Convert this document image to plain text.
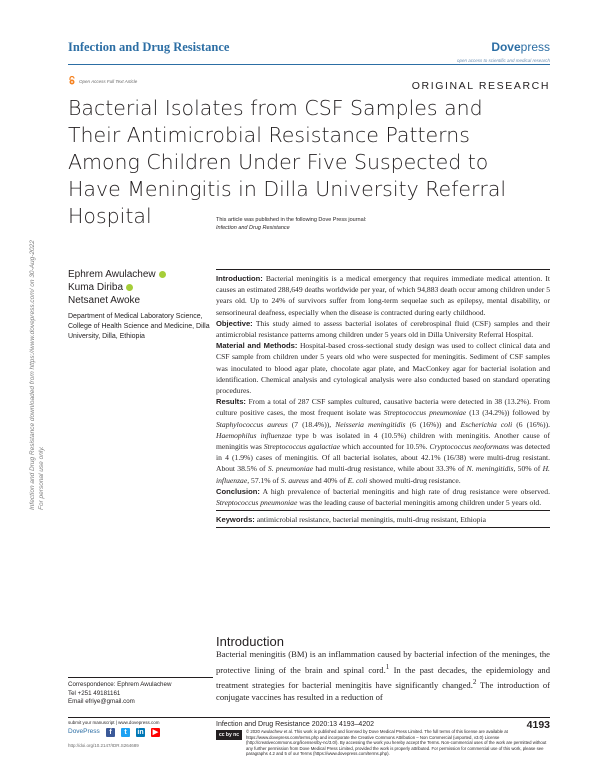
Infection and Drug Resistance	Dovepress
open access to scientific and medical research
Open Access Full Text Article	ORIGINAL RESEARCH
Bacterial Isolates from CSF Samples and Their Antimicrobial Resistance Patterns Among Children Under Five Suspected to Have Meningitis in Dilla University Referral Hospital	This article was published in the following Dove Press journal:
Infection and Drug Resistance
Infection and Drug Resistance downloaded from https://www.dovepress.com/ on 30-Aug-2022 For personal use only.
Ephrem Awulachew
Kuma Diriba
Netsanet Awoke
Department of Medical Laboratory Science, College of Health Science and Medicine, Dilla University, Dilla, Ethiopia

Introduction: Bacterial meningitis is a medical emergency that requires immediate medical attention. It causes an estimated 288,649 deaths worldwide per year, of which 94,883 death occur among children under 5 years old. Up to 24% of survivors suffer from long-term sequelae such as epilepsy, mental disability, or sensorineural deafness, especially when the disease is contracted during early childhood.

Objective: This study aimed to assess bacterial isolates of cerebrospinal fluid (CSF) samples and their antimicrobial resistance patterns among children under 5 years old in Dilla University Referral Hospital.

Material and Methods: Hospital-based cross-sectional study design was used to collect clinical data and CSF sample from children under 5 years old who were suspected for meningitis. Sediment of CSF samples was inoculated to blood agar plate, chocolate agar plate, and MacConkey agar for bacterial isolation and identification. Chemical analysis and cytological analysis were also conducted based on standard operating procedures.

Results: From a total of 287 CSF samples cultured, causative bacteria were detected in 38 (13.2%). From culture positive cases, the most frequent isolate was Streptococcus pneumoniae (13 (34.2%)) followed by Staphylococcus aureus (7 (18.4%)), Neisseria meningitidis (6 (16%)) and Escherichia coli (6 (16%)). Haemophilus influenzae type b was isolated in 4 (10.5%) children with meningitis. Another cause of meningitis was Streptococcus agalactiae which accounted for 10.5%. Cryptococcus neoformans was detected in 4 (1.9%) cases of meningitis. Of all bacterial isolates, about 42.1% (16/38) were multi-drug resistant. About 38.5% of S. pneumoniae had multi-drug resistance, while about 33.3% of N. meningitidis, 50% of H. influenzae, 57.1% of S. aureus and 40% of E. coli showed multi-drug resistance.

Conclusion: A high prevalence of bacterial meningitis and high rate of drug resistance were observed. Streptococcus pneumoniae was the leading cause of bacterial meningitis among children under 5 years old.

Keywords: antimicrobial resistance, bacterial meningitis, multi-drug resistant, Ethiopia

Introduction

Bacterial meningitis (BM) is an inflammation caused by bacterial infection of the meninges, the protective lining of the brain and spinal cord.$^1$ In the past decades, the epidemiology and treatment strategies for bacterial meningitis have significantly changed.$^2$ The introduction of conjugate vaccines has resulted in a reduction of

Correspondence: Ephrem Awulachew
Tel +251 49181161
Email efriye@gmail.com
submit your manuscript | www.dovepress.com
DovePress	f	t	in ▶
http://doi.org/10.2147/IDR.S264689
Infection and Drug Resistance 2020:13 4193–4202	4193
cc by nc
© 2020 Awulachew et al. This work is published and licensed by Dove Medical Press Limited. The full terms of this license are available at https://www.dovepress.com/terms.php and incorporate the Creative Commons Attribution – Non Commercial (unported, v3.0) License (http://creativecommons.org/licenses/by-nc/3.0/). By accessing the work you hereby accept the Terms. Non-commercial uses of the work are permitted without any further permission from Dove Medical Press Limited, provided the work is properly attributed. For permission for commercial use of this work, please see paragraphs 4.2 and 5 of our Terms (https://www.dovepress.com/terms.php).
